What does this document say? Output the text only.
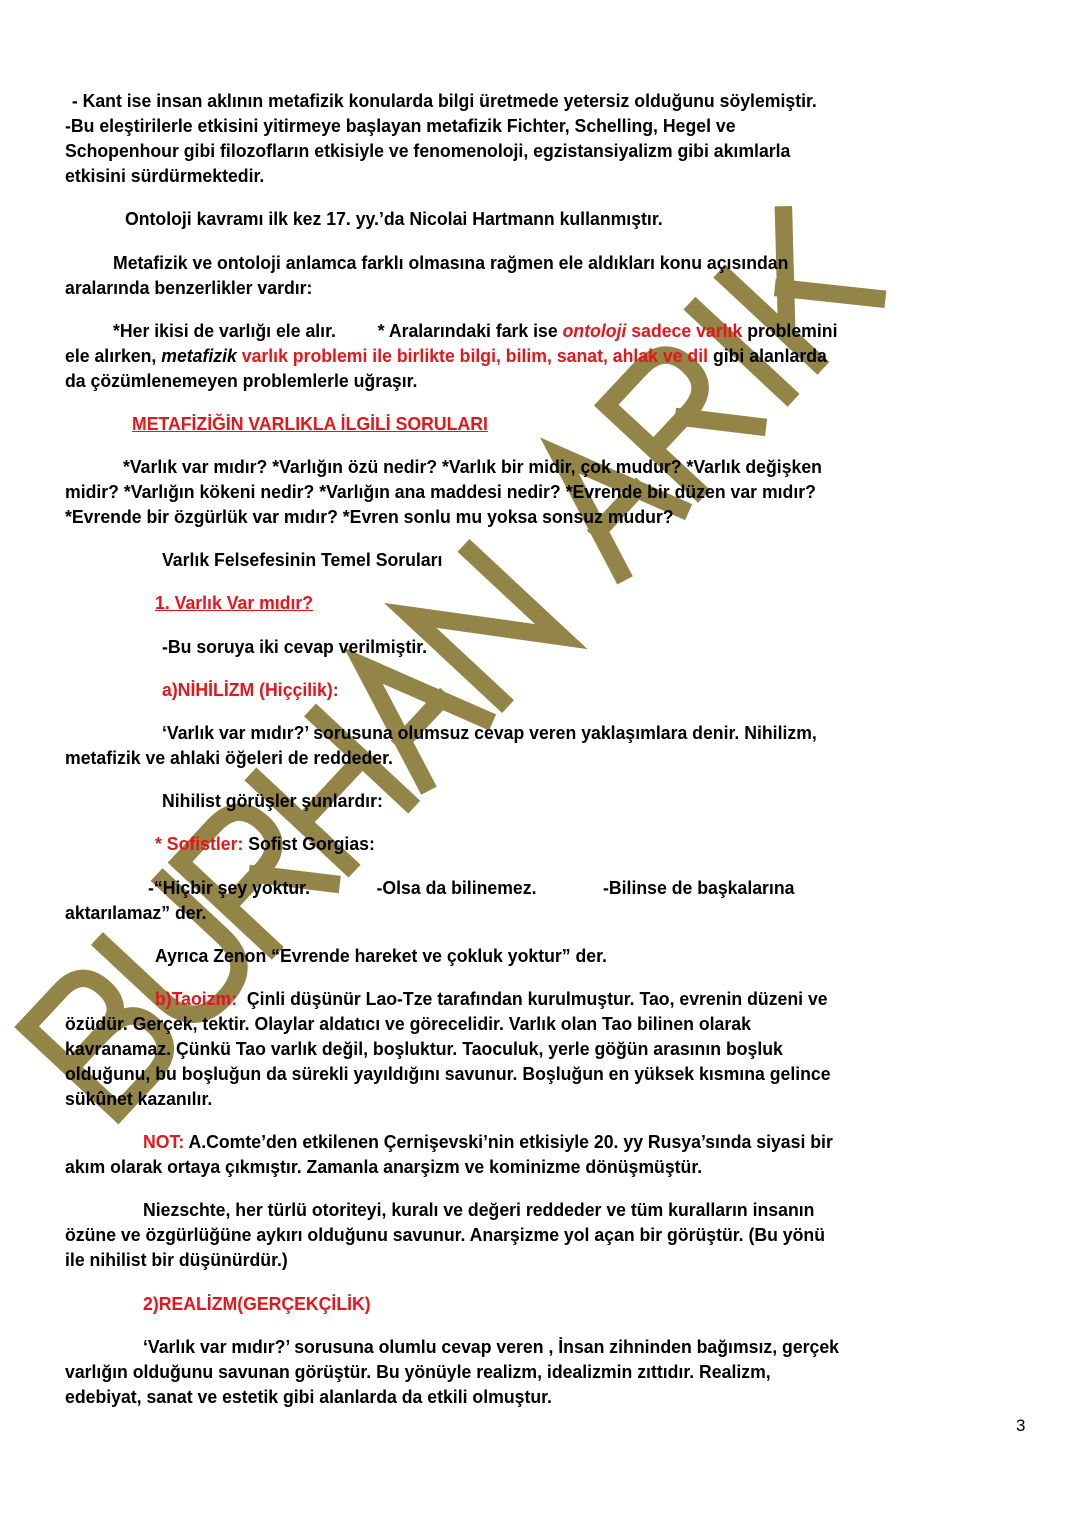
- Kant ise insan aklının metafizik konularda bilgi üretmede yetersiz olduğunu söylemiştir.
-Bu eleştirilerle etkisini yitirmeye başlayan metafizik Fichter, Schelling, Hegel ve
Schopenhour gibi filozofların etkisiyle ve fenomenoloji, egzistansiyalizm gibi akımlarla
etkisini sürdürmektedir.
Ontoloji kavramı ilk kez 17. yy.’da Nicolai Hartmann kullanmıştır.
Metafizik ve ontoloji anlamca farklı olmasına rağmen ele aldıkları konu açısından
aralarında benzerlikler vardır:
*Her ikisi de varlığı ele alır. * Aralarındaki fark ise ontoloji sadece varlık problemini
ele alırken, metafizik varlık problemi ile birlikte bilgi, bilim, sanat, ahlak ve dil gibi alanlarda
da çözümlenemeyen problemlerle uğraşır.
METAFİZİĞİN VARLIKLA İLGİLİ SORULARI
*Varlık var mıdır? *Varlığın özü nedir? *Varlık bir midir, çok mudur? *Varlık değişken
midir? *Varlığın kökeni nedir? *Varlığın ana maddesi nedir? *Evrende bir düzen var mıdır?
*Evrende bir özgürlük var mıdır? *Evren sonlu mu yoksa sonsuz mudur?
Varlık Felsefesinin Temel Soruları
1. Varlık Var mıdır?
-Bu soruya iki cevap verilmiştir.
a)NİHİLİZM (Hiççilik):
‘Varlık var mıdır?’ sorusuna olumsuz cevap veren yaklaşımlara denir. Nihilizm,
metafizik ve ahlaki öğeleri de reddeder.
Nihilist görüşler şunlardır:
* Sofistler: Sofist Gorgias:
-“Hiçbir şey yoktur.	-Olsa da bilinemez.	-Bilinse de başkalarına
aktarılamaz” der.
Ayrıca Zenon “Evrende hareket ve çokluk yoktur” der.
b)Taoizm:  Çinli düşünür Lao-Tze tarafından kurulmuştur. Tao, evrenin düzeni ve
özüdür. Gerçek, tektir. Olaylar aldatıcı ve görecelidir. Varlık olan Tao bilinen olarak
kavranamaz. Çünkü Tao varlık değil, boşluktur. Taoculuk, yerle göğün arasının boşluk
olduğunu, bu boşluğun da sürekli yayıldığını savunur. Boşluğun en yüksek kısmına gelince
sükûnet kazanılır.
NOT: A.Comte’den etkilenen Çernişevski’nin etkisiyle 20. yy Rusya’sında siyasi bir
akım olarak ortaya çıkmıştır. Zamanla anarşizm ve kominizme dönüşmüştür.
Niezschte, her türlü otoriteyi, kuralı ve değeri reddeder ve tüm kuralların insanın
özüne ve özgürlüğüne aykırı olduğunu savunur. Anarşizme yol açan bir görüştür. (Bu yönü
ile nihilist bir düşünürdür.)
2)REALİZM(GERÇEKÇİLİK)
‘Varlık var mıdır?’ sorusuna olumlu cevap veren , İnsan zihninden bağımsız, gerçek
varlığın olduğunu savunan görüştür. Bu yönüyle realizm, idealizmin zıttıdır. Realizm,
edebiyat, sanat ve estetik gibi alanlarda da etkili olmuştur.
3
